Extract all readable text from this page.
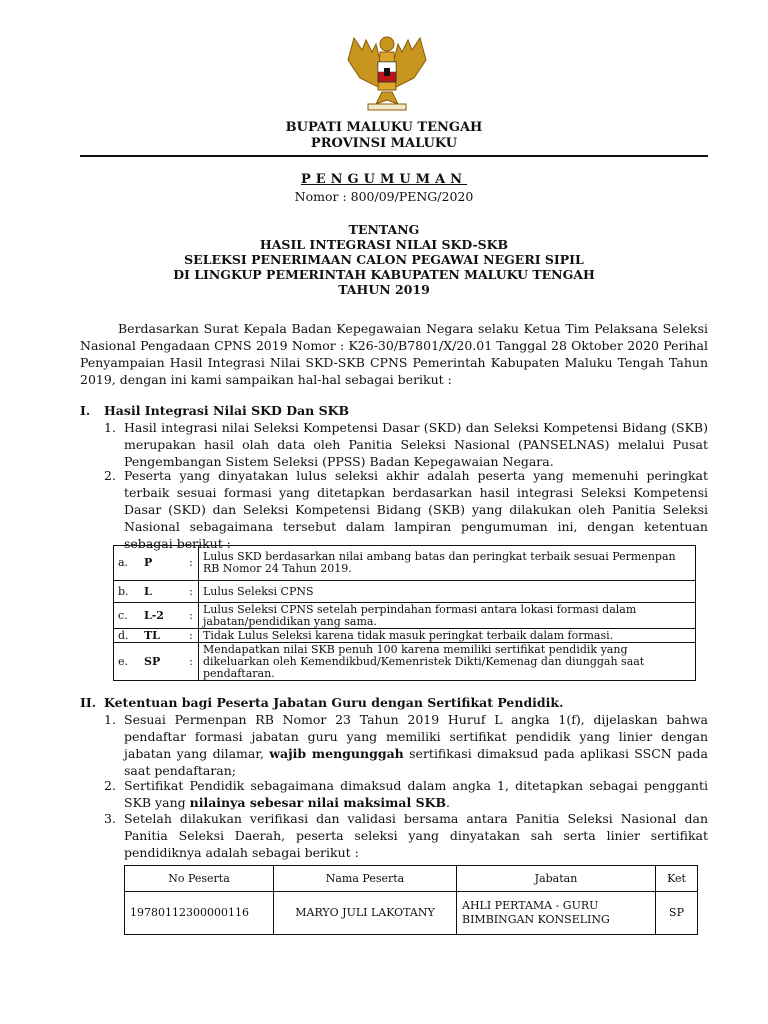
BUPATI MALUKU TENGAH
PROVINSI MALUKU
PENGUMUMAN
Nomor : 800/09/PENG/2020
TENTANG
HASIL INTEGRASI NILAI SKD-SKB
SELEKSI PENERIMAAN CALON PEGAWAI NEGERI SIPIL
DI LINGKUP PEMERINTAH KABUPATEN MALUKU TENGAH
TAHUN 2019
Berdasarkan Surat Kepala Badan Kepegawaian Negara selaku Ketua Tim Pelaksana Seleksi Nasional Pengadaan CPNS 2019 Nomor : K26-30/B7801/X/20.01 Tanggal 28 Oktober 2020 Perihal Penyampaian Hasil Integrasi Nilai SKD-SKB CPNS Pemerintah Kabupaten Maluku Tengah Tahun 2019, dengan ini kami sampaikan hal-hal sebagai berikut :
I. Hasil Integrasi Nilai SKD Dan SKB
1. Hasil integrasi nilai Seleksi Kompetensi Dasar (SKD) dan Seleksi Kompetensi Bidang (SKB) merupakan hasil olah data oleh Panitia Seleksi Nasional (PANSELNAS) melalui Pusat Pengembangan Sistem Seleksi (PPSS) Badan Kepegawaian Negara.
2. Peserta yang dinyatakan lulus seleksi akhir adalah peserta yang memenuhi peringkat terbaik sesuai formasi yang ditetapkan berdasarkan hasil integrasi Seleksi Kompetensi Dasar (SKD) dan Seleksi Kompetensi Bidang (SKB) yang dilakukan oleh Panitia Seleksi Nasional sebagaimana tersebut dalam lampiran pengumuman ini, dengan ketentuan sebagai berikut :
a.	P	:	Lulus SKD berdasarkan nilai ambang batas dan peringkat terbaik sesuai Permenpan RB Nomor 24 Tahun 2019.
b.	L	:	Lulus Seleksi CPNS
c.	L-2	:	Lulus Seleksi CPNS setelah perpindahan formasi antara lokasi formasi dalam jabatan/pendidikan yang sama.
d.	TL	:	Tidak Lulus Seleksi karena tidak masuk peringkat terbaik dalam formasi.
e.	SP	:	Mendapatkan nilai SKB penuh 100 karena memiliki sertifikat pendidik yang dikeluarkan oleh Kemendikbud/Kemenristek Dikti/Kemenag dan diunggah saat pendaftaran.
II. Ketentuan bagi Peserta Jabatan Guru dengan Sertifikat Pendidik.
1. Sesuai Permenpan RB Nomor 23 Tahun 2019 Huruf L angka 1(f), dijelaskan bahwa pendaftar formasi jabatan guru yang memiliki sertifikat pendidik yang linier dengan jabatan yang dilamar, wajib mengunggah sertifikasi dimaksud pada aplikasi SSCN pada saat pendaftaran;
2. Sertifikat Pendidik sebagaimana dimaksud dalam angka 1, ditetapkan sebagai pengganti SKB yang nilainya sebesar nilai maksimal SKB.
3. Setelah dilakukan verifikasi dan validasi bersama antara Panitia Seleksi Nasional dan Panitia Seleksi Daerah, peserta seleksi yang dinyatakan sah serta linier sertifikat pendidiknya adalah sebagai berikut :
No Peserta	Nama Peserta	Jabatan	Ket
19780112300000116	MARYO JULI LAKOTANY	AHLI PERTAMA - GURU BIMBINGAN KONSELING	SP
